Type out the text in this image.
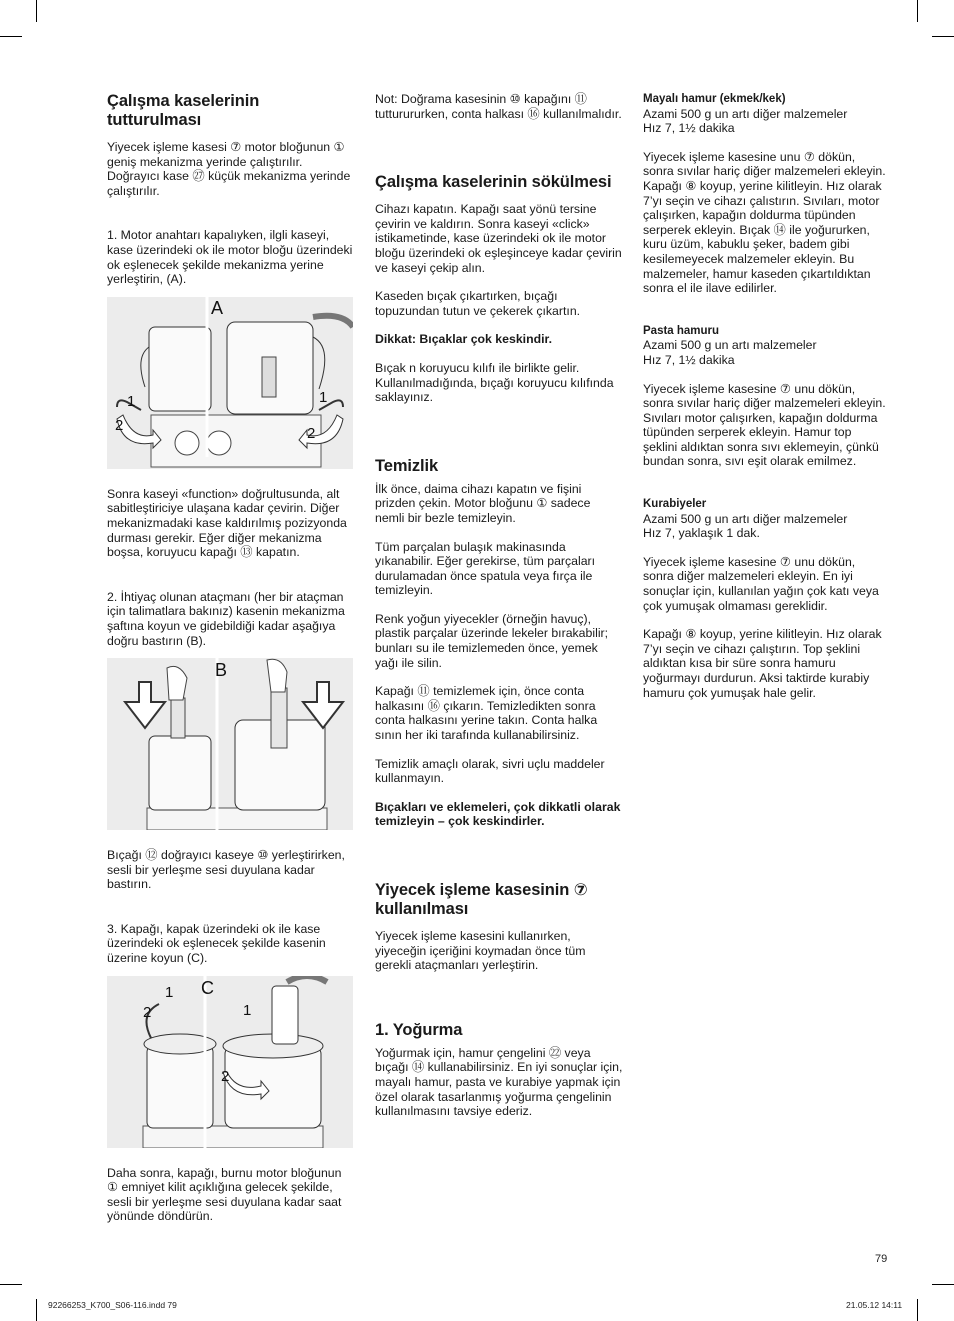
Çalışma kaselerinin tutturulması

Yiyecek işleme kasesi ⑦ motor bloğunun ① geniş mekanizma yerinde çalıştırılır. Doğrayıcı kase ㉗ küçük mekanizma yerinde çalıştırılır.

1. Motor anahtarı kapalıyken, ilgli kaseyi, kase üzerindeki ok ile motor bloğu üzerindeki ok eşlenecek şekilde mekanizma yerine yerleştirin, (A).

A
1
2
1
2

Sonra kaseyi «function» doğrultusunda, alt sabitleştiriciye ulaşana kadar çevirin. Diğer mekanizmadaki kase kaldırılmış pozizyonda durması gerekir. Eğer diğer mekanizma boşsa, koruyucu kapağı ⑬ kapatın.

2. İhtiyaç olunan ataçmanı (her bir ataçman için talimatlara bakınız) kasenin mekanizma şaftına koyun ve gidebildiği kadar aşağıya doğru bastırın (B).

B

Bıçağı ⑫ doğrayıcı kaseye ⑩ yerleştirirken, sesli bir yerleşme sesi duyulana kadar bastırın.

3. Kapağı, kapak üzerindeki ok ile kase üzerindeki ok eşlenecek şekilde kasenin üzerine koyun (C).

C
1
2	1
2

Daha sonra, kapağı, burnu motor bloğunun ① emniyet kilit açıklığına gelecek şekilde, sesli bir yerleşme sesi duyulana kadar saat yönünde döndürün.

Not: Doğrama kasesinin ⑩ kapağını ⑪ tutturururken, conta halkası ⑯ kullanılmalıdır.

Çalışma kaselerinin sökülmesi

Cihazı kapatın. Kapağı saat yönü tersine çevirin ve kaldırın. Sonra kaseyi «click» istikametinde, kase üzerindeki ok ile motor bloğu üzerindeki ok eşleşinceye kadar çevirin ve kaseyi çekip alın.

Kaseden bıçak çıkartırken, bıçağı topuzundan tutun ve çekerek çıkartın.

Dikkat: Bıçaklar çok keskindir.

Bıçak n koruyucu kılıfı ile birlikte gelir. Kullanılmadığında, bıçağı koruyucu kılıfında saklayınız.

Temizlik

İlk önce, daima cihazı kapatın ve fişini prizden çekin. Motor bloğunu ① sadece nemli bir bezle temizleyin.

Tüm parçalan bulaşık makinasında yıkanabilir. Eğer gerekirse, tüm parçaları durulamadan önce spatula veya fırça ile temizleyin.

Renk yoğun yiyecekler (örneğin havuç), plastik parçalar üzerinde lekeler bırakabilir; bunları su ile temizlemeden önce, yemek yağı ile silin.

Kapağı ⑪ temizlemek için, önce conta halkasını ⑯ çıkarın. Temizledikten sonra conta halkasını yerine takın. Conta halka sının her iki tarafında kullanabilirsiniz.

Temizlik amaçlı olarak, sivri uçlu maddeler kullanmayın.

Bıçakları ve eklemeleri, çok dikkatli olarak temizleyin – çok keskindirler.

Yiyecek işleme kasesinin ⑦ kullanılması

Yiyecek işleme kasesini kullanırken, yiyeceğin içeriğini koymadan önce tüm gerekli ataçmanları yerleştirin.

1. Yoğurma

Yoğurmak için, hamur çengelini ㉒ veya bıçağı ⑭ kullanabilirsiniz. En iyi sonuçlar için, mayalı hamur, pasta ve kurabiye yapmak için özel olarak tasarlanmış yoğurma çengelinin kullanılmasını tavsiye ederiz.

Mayalı hamur (ekmek/kek)

Azami 500 g un artı diğer malzemeler

Hız 7, 1½ dakika

Yiyecek işleme kasesine unu ⑦ dökün, sonra sıvılar hariç diğer malzemeleri ekleyin.

Kapağı ⑧ koyup, yerine kilitleyin. Hız olarak 7’yı seçin ve cihazı çalıstırın. Sıvıları, motor çalışırken, kapağın doldurma tüpünden serperek ekleyin. Bıçak ⑭ ile yoğururken, kuru üzüm, kabuklu şeker, badem gibi kesilemeyecek malzemeler ekleyin. Bu malzemeler, hamur kaseden çıkartıldıktan sonra el ile ilave edilirler.

Pasta hamuru

Azami 500 g un artı malzemeler

Hız 7, 1½ dakika

Yiyecek işleme kasesine ⑦ unu dökün, sonra sıvılar hariç diğer malzemeleri ekleyin.

Sıvıları motor çalışırken, kapağın doldurma tüpünden serperek ekleyin. Hamur top şeklini aldıktan sonra sıvı eklemeyin, çünkü bundan sonra, sıvı eşit olarak emilmez.

Kurabiyeler

Azami 500 g un artı diğer malzemeler

Hız 7, yaklaşık 1 dak.

Yiyecek işleme kasesine ⑦ unu dökün, sonra diğer malzemeleri ekleyin. En iyi sonuçlar için, kullanılan yağın çok katı veya çok yumuşak olmaması gereklidir.

Kapağı ⑧ koyup, yerine kilitleyin. Hız olarak 7’yı seçin ve cihazı çalıştırın. Top şeklini aldıktan kısa bir süre sonra hamuru yoğurmayı durdurun. Aksi taktirde kurabiy hamuru çok yumuşak hale gelir.

79
92266253_K700_S06-116.indd 79	21.05.12 14:11
